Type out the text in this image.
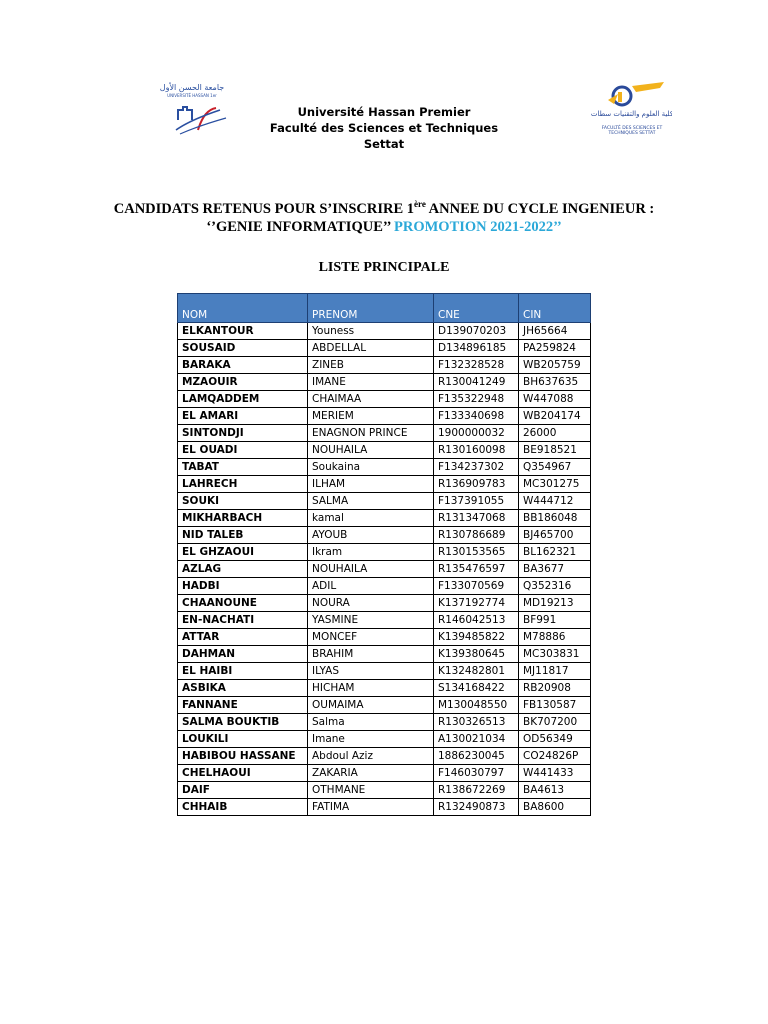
جامعة الحسن الأول
UNIVERSITÉ HASSAN 1er
كلية العلوم والتقنيات سطات
FACULTÉ DES SCIENCES ET TECHNIQUES SETTAT
Université Hassan Premier
Faculté des Sciences et Techniques
Settat
CANDIDATS RETENUS POUR S’INSCRIRE 1ère ANNEE DU CYCLE INGENIEUR :
‘’GENIE INFORMATIQUE’’ PROMOTION 2021-2022’’
LISTE PRINCIPALE
NOM	PRENOM	CNE	CIN
ELKANTOUR	Youness	D139070203	JH65664
SOUSAID	ABDELLAL	D134896185	PA259824
BARAKA	ZINEB	F132328528	WB205759
MZAOUIR	IMANE	R130041249	BH637635
LAMQADDEM	CHAIMAA	F135322948	W447088
EL AMARI	MERIEM	F133340698	WB204174
SINTONDJI	ENAGNON PRINCE	1900000032	26000
EL OUADI	NOUHAILA	R130160098	BE918521
TABAT	Soukaina	F134237302	Q354967
LAHRECH	ILHAM	R136909783	MC301275
SOUKI	SALMA	F137391055	W444712
MIKHARBACH	kamal	R131347068	BB186048
NID TALEB	AYOUB	R130786689	BJ465700
EL GHZAOUI	Ikram	R130153565	BL162321
AZLAG	NOUHAILA	R135476597	BA3677
HADBI	ADIL	F133070569	Q352316
CHAANOUNE	NOURA	K137192774	MD19213
EN-NACHATI	YASMINE	R146042513	BF991
ATTAR	MONCEF	K139485822	M78886
DAHMAN	BRAHIM	K139380645	MC303831
EL HAIBI	ILYAS	K132482801	MJ11817
ASBIKA	HICHAM	S134168422	RB20908
FANNANE	OUMAIMA	M130048550	FB130587
SALMA BOUKTIB	Salma	R130326513	BK707200
LOUKILI	Imane	A130021034	OD56349
HABIBOU HASSANE	Abdoul Aziz	1886230045	CO24826P
CHELHAOUI	ZAKARIA	F146030797	W441433
DAIF	OTHMANE	R138672269	BA4613
CHHAIB	FATIMA	R132490873	BA8600
